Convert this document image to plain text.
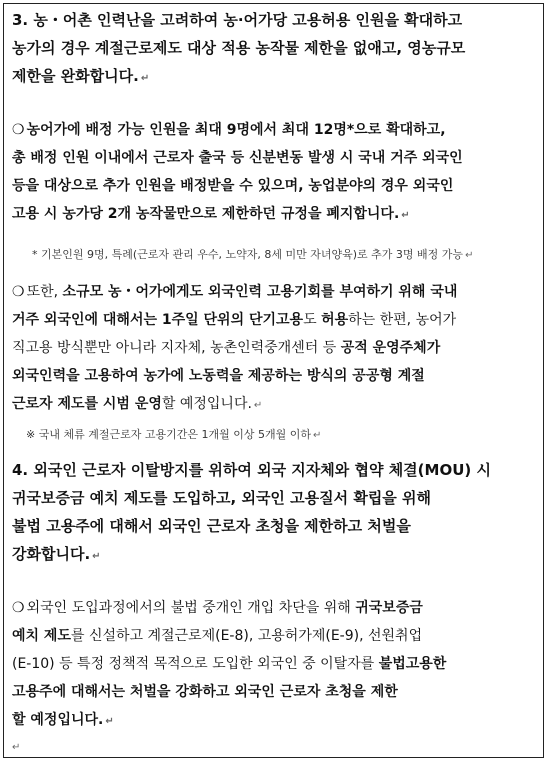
3. 농・어촌 인력난을 고려하여 농·어가당 고용허용 인원을 확대하고
농가의 경우 계절근로제도 대상 적용 농작물 제한을 없애고, 영농규모
제한을 완화합니다. ↵
❍ 농어가에 배정 가능 인원을 최대 9명에서 최대 12명*으로 확대하고,
총 배정 인원 이내에서 근로자 출국 등 신분변동 발생 시 국내 거주 외국인
등을 대상으로 추가 인원을 배정받을 수 있으며, 농업분야의 경우 외국인
고용 시 농가당 2개 농작물만으로 제한하던 규정을 폐지합니다. ↵
* 기본인원 9명, 특례(근로자 관리 우수, 노약자, 8세 미만 자녀양육)로 추가 3명 배정 가능 ↵
❍ 또한, 소규모 농・어가에게도 외국인력 고용기회를 부여하기 위해 국내
거주 외국인에 대해서는 1주일 단위의 단기고용도 허용하는 한편, 농어가
직고용 방식뿐만 아니라 지자체, 농촌인력중개센터 등 공적 운영주체가
외국인력을 고용하여 농가에 노동력을 제공하는 방식의 공공형 계절
근로자 제도를 시범 운영할 예정입니다. ↵
※ 국내 체류 계절근로자 고용기간은 1개월 이상 5개월 이하 ↵
4. 외국인 근로자 이탈방지를 위하여 외국 지자체와 협약 체결(MOU) 시
귀국보증금 예치 제도를 도입하고, 외국인 고용질서 확립을 위해
불법 고용주에 대해서 외국인 근로자 초청을 제한하고 처벌을
강화합니다. ↵
❍ 외국인 도입과정에서의 불법 중개인 개입 차단을 위해 귀국보증금
예치 제도를 신설하고 계절근로제(E-8), 고용허가제(E-9), 선원취업
(E-10) 등 특정 정책적 목적으로 도입한 외국인 중 이탈자를 불법고용한
고용주에 대해서는 처벌을 강화하고 외국인 근로자 초청을 제한
할 예정입니다. ↵
↵
